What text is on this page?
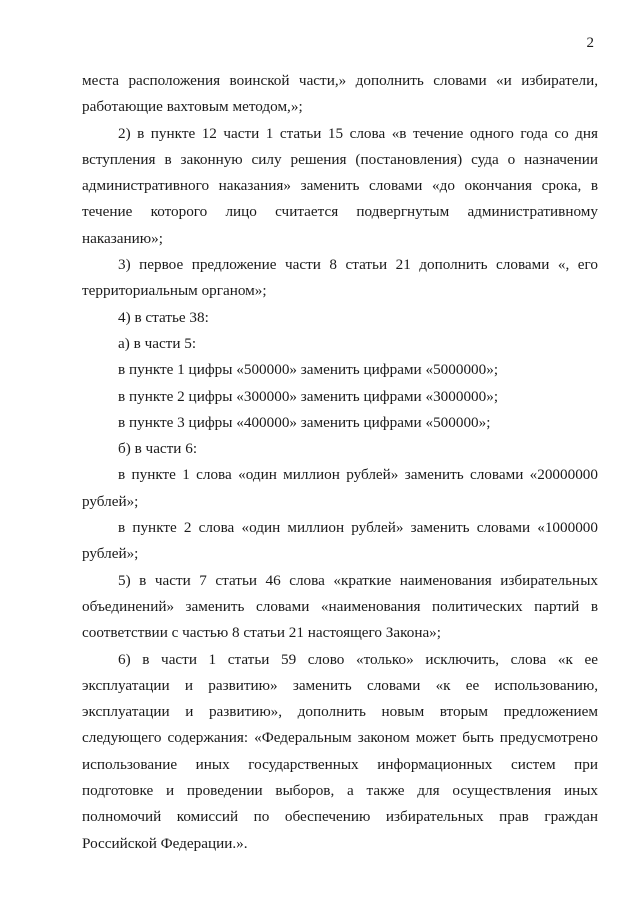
2

места расположения воинской части,» дополнить словами «и избиратели, работающие вахтовым методом,»;

2) в пункте 12 части 1 статьи 15 слова «в течение одного года со дня вступления в законную силу решения (постановления) суда о назначении административного наказания» заменить словами «до окончания срока, в течение которого лицо считается подвергнутым административному наказанию»;

3) первое предложение части 8 статьи 21 дополнить словами «, его территориальным органом»;

4) в статье 38:

а) в части 5:

в пункте 1 цифры «500000» заменить цифрами «5000000»;

в пункте 2 цифры «300000» заменить цифрами «3000000»;

в пункте 3 цифры «400000» заменить цифрами «500000»;

б) в части 6:

в пункте 1 слова «один миллион рублей» заменить словами «20000000 рублей»;

в пункте 2 слова «один миллион рублей» заменить словами «1000000 рублей»;

5) в части 7 статьи 46 слова «краткие наименования избирательных объединений» заменить словами «наименования политических партий в соответствии с частью 8 статьи 21 настоящего Закона»;

6) в части 1 статьи 59 слово «только» исключить, слова «к ее эксплуатации и развитию» заменить словами «к ее использованию, эксплуатации и развитию», дополнить новым вторым предложением следующего содержания: «Федеральным законом может быть предусмотрено использование иных государственных информационных систем при подготовке и проведении выборов, а также для осуществления иных полномочий комиссий по обеспечению избирательных прав граждан Российской Федерации.».
